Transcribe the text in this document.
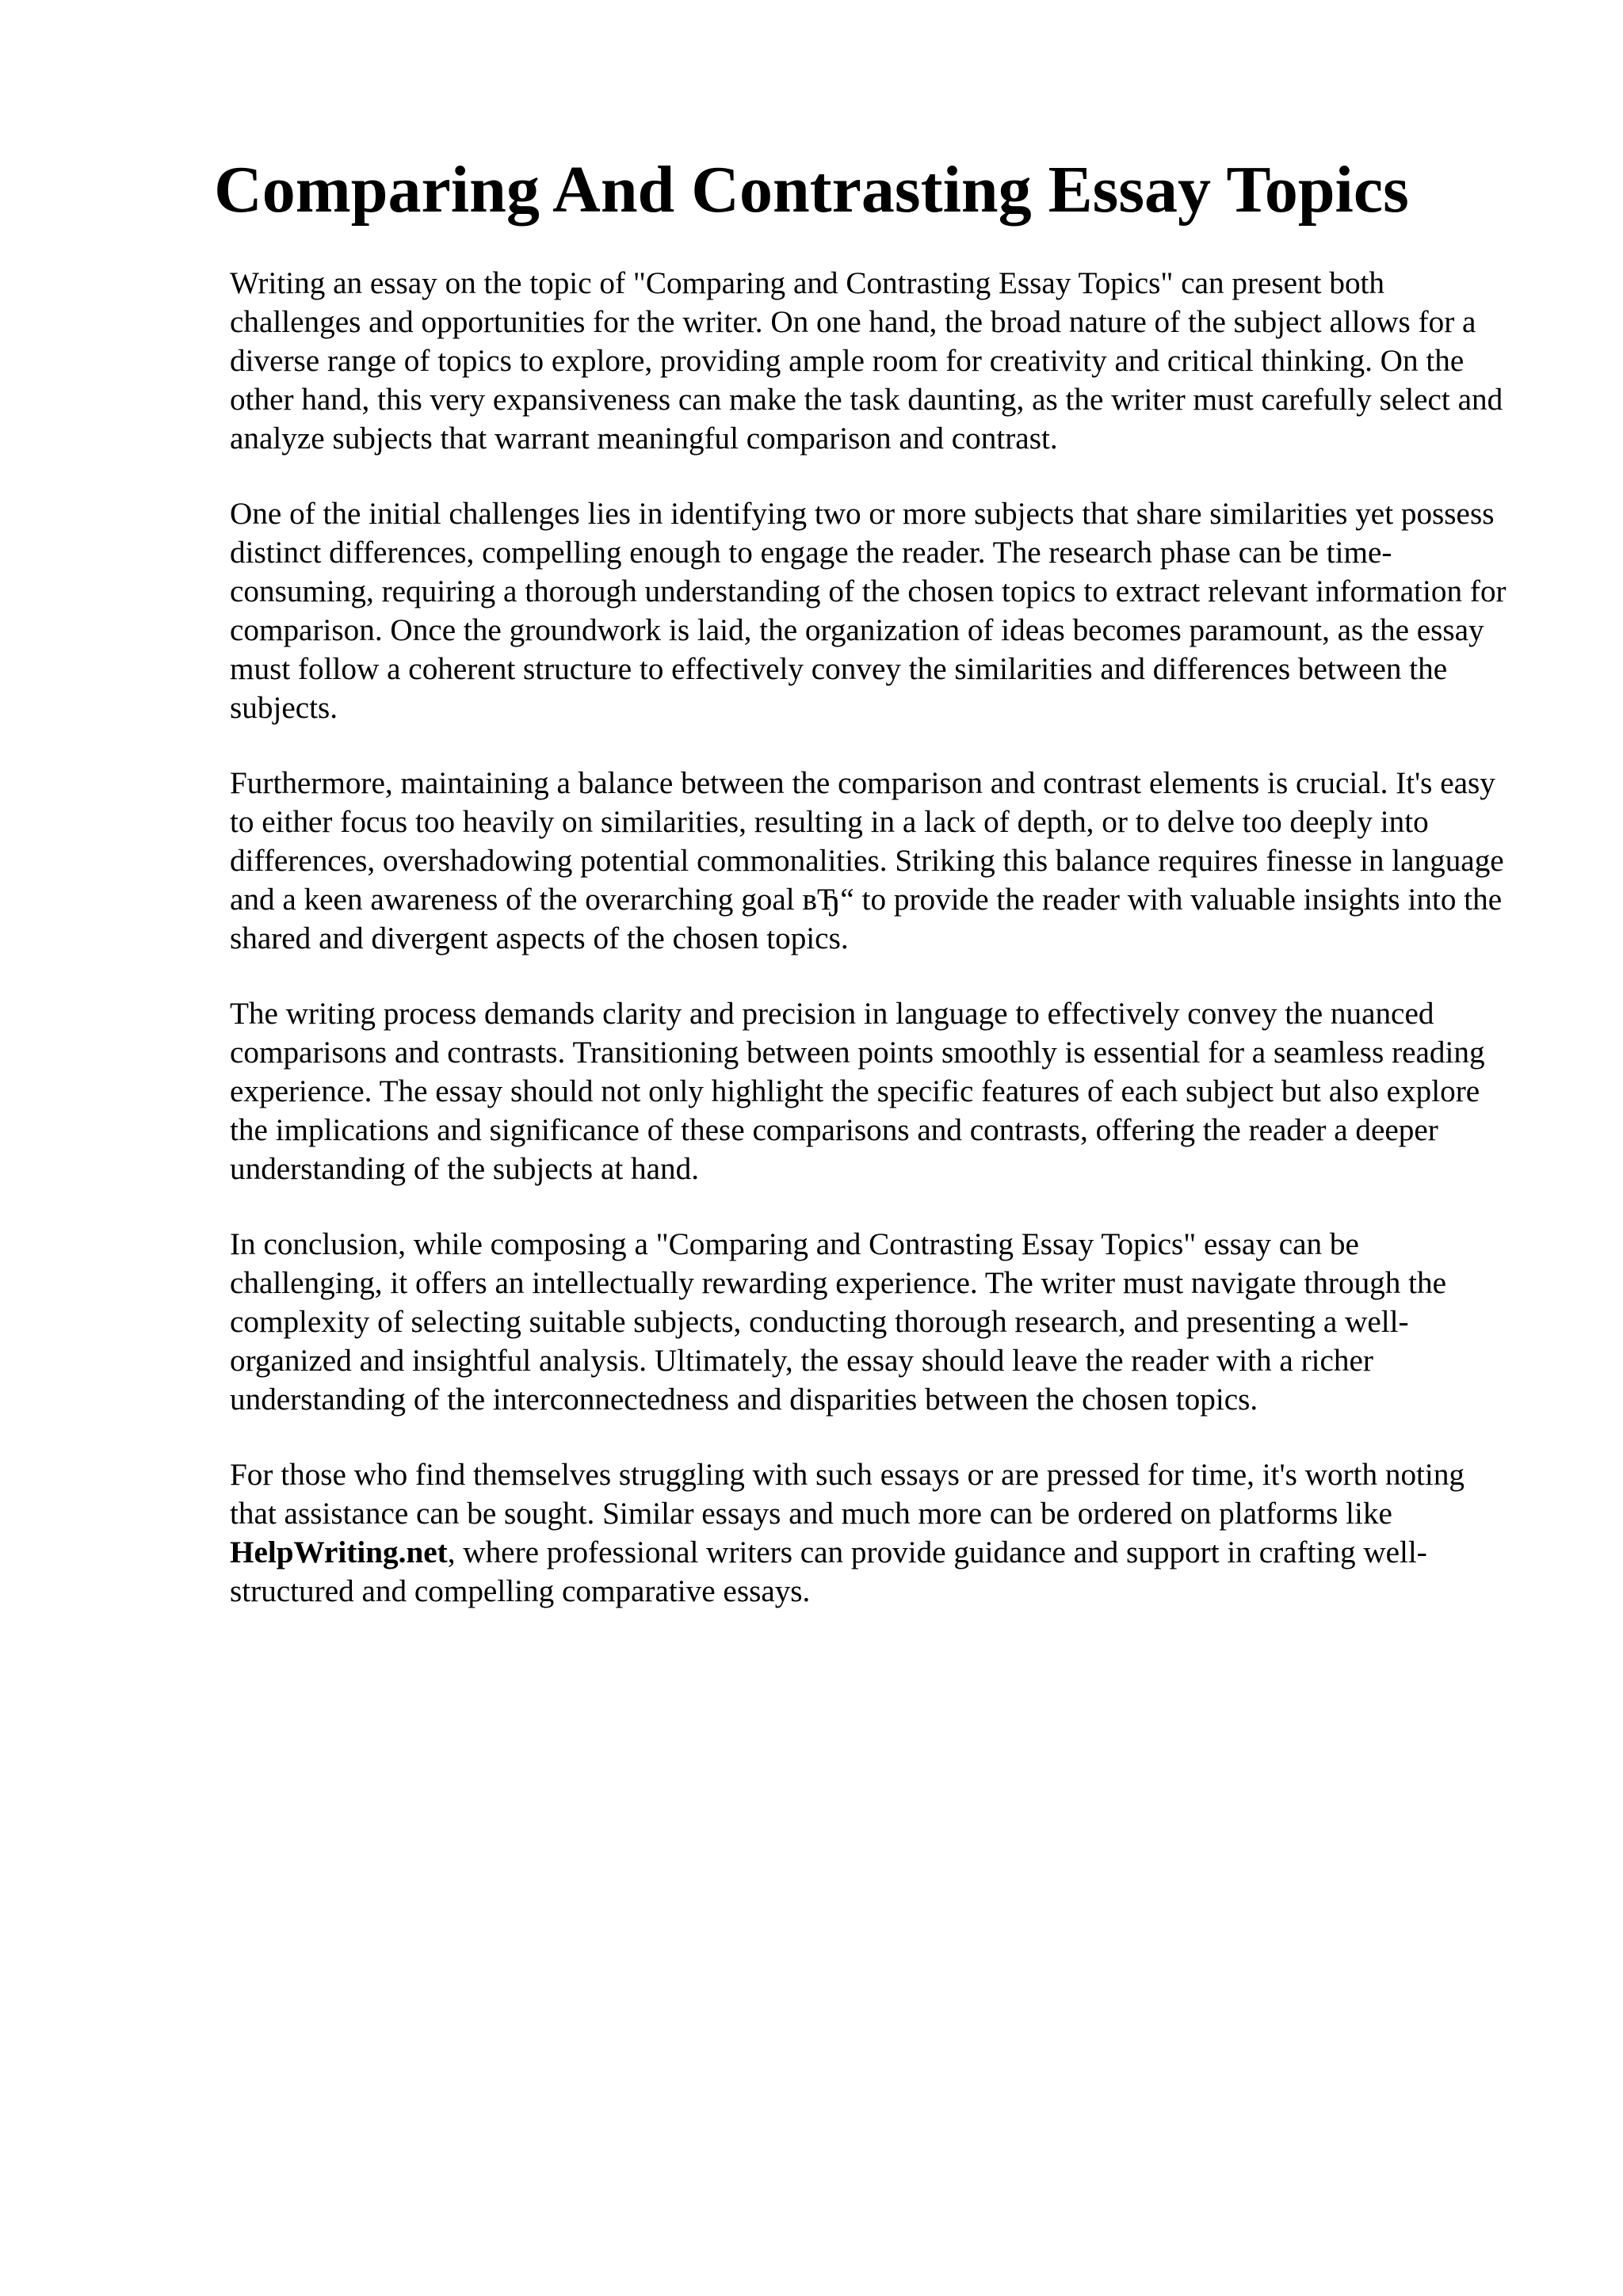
Comparing And Contrasting Essay Topics

Writing an essay on the topic of "Comparing and Contrasting Essay Topics" can present both challenges and opportunities for the writer. On one hand, the broad nature of the subject allows for a diverse range of topics to explore, providing ample room for creativity and critical thinking. On the other hand, this very expansiveness can make the task daunting, as the writer must carefully select and analyze subjects that warrant meaningful comparison and contrast.

One of the initial challenges lies in identifying two or more subjects that share similarities yet possess distinct differences, compelling enough to engage the reader. The research phase can be time-consuming, requiring a thorough understanding of the chosen topics to extract relevant information for comparison. Once the groundwork is laid, the organization of ideas becomes paramount, as the essay must follow a coherent structure to effectively convey the similarities and differences between the subjects.

Furthermore, maintaining a balance between the comparison and contrast elements is crucial. It's easy to either focus too heavily on similarities, resulting in a lack of depth, or to delve too deeply into differences, overshadowing potential commonalities. Striking this balance requires finesse in language and a keen awareness of the overarching goal вЂ“ to provide the reader with valuable insights into the shared and divergent aspects of the chosen topics.

The writing process demands clarity and precision in language to effectively convey the nuanced comparisons and contrasts. Transitioning between points smoothly is essential for a seamless reading experience. The essay should not only highlight the specific features of each subject but also explore the implications and significance of these comparisons and contrasts, offering the reader a deeper understanding of the subjects at hand.

In conclusion, while composing a "Comparing and Contrasting Essay Topics" essay can be challenging, it offers an intellectually rewarding experience. The writer must navigate through the complexity of selecting suitable subjects, conducting thorough research, and presenting a well-organized and insightful analysis. Ultimately, the essay should leave the reader with a richer understanding of the interconnectedness and disparities between the chosen topics.

For those who find themselves struggling with such essays or are pressed for time, it's worth noting that assistance can be sought. Similar essays and much more can be ordered on platforms like HelpWriting.net, where professional writers can provide guidance and support in crafting well-structured and compelling comparative essays.
